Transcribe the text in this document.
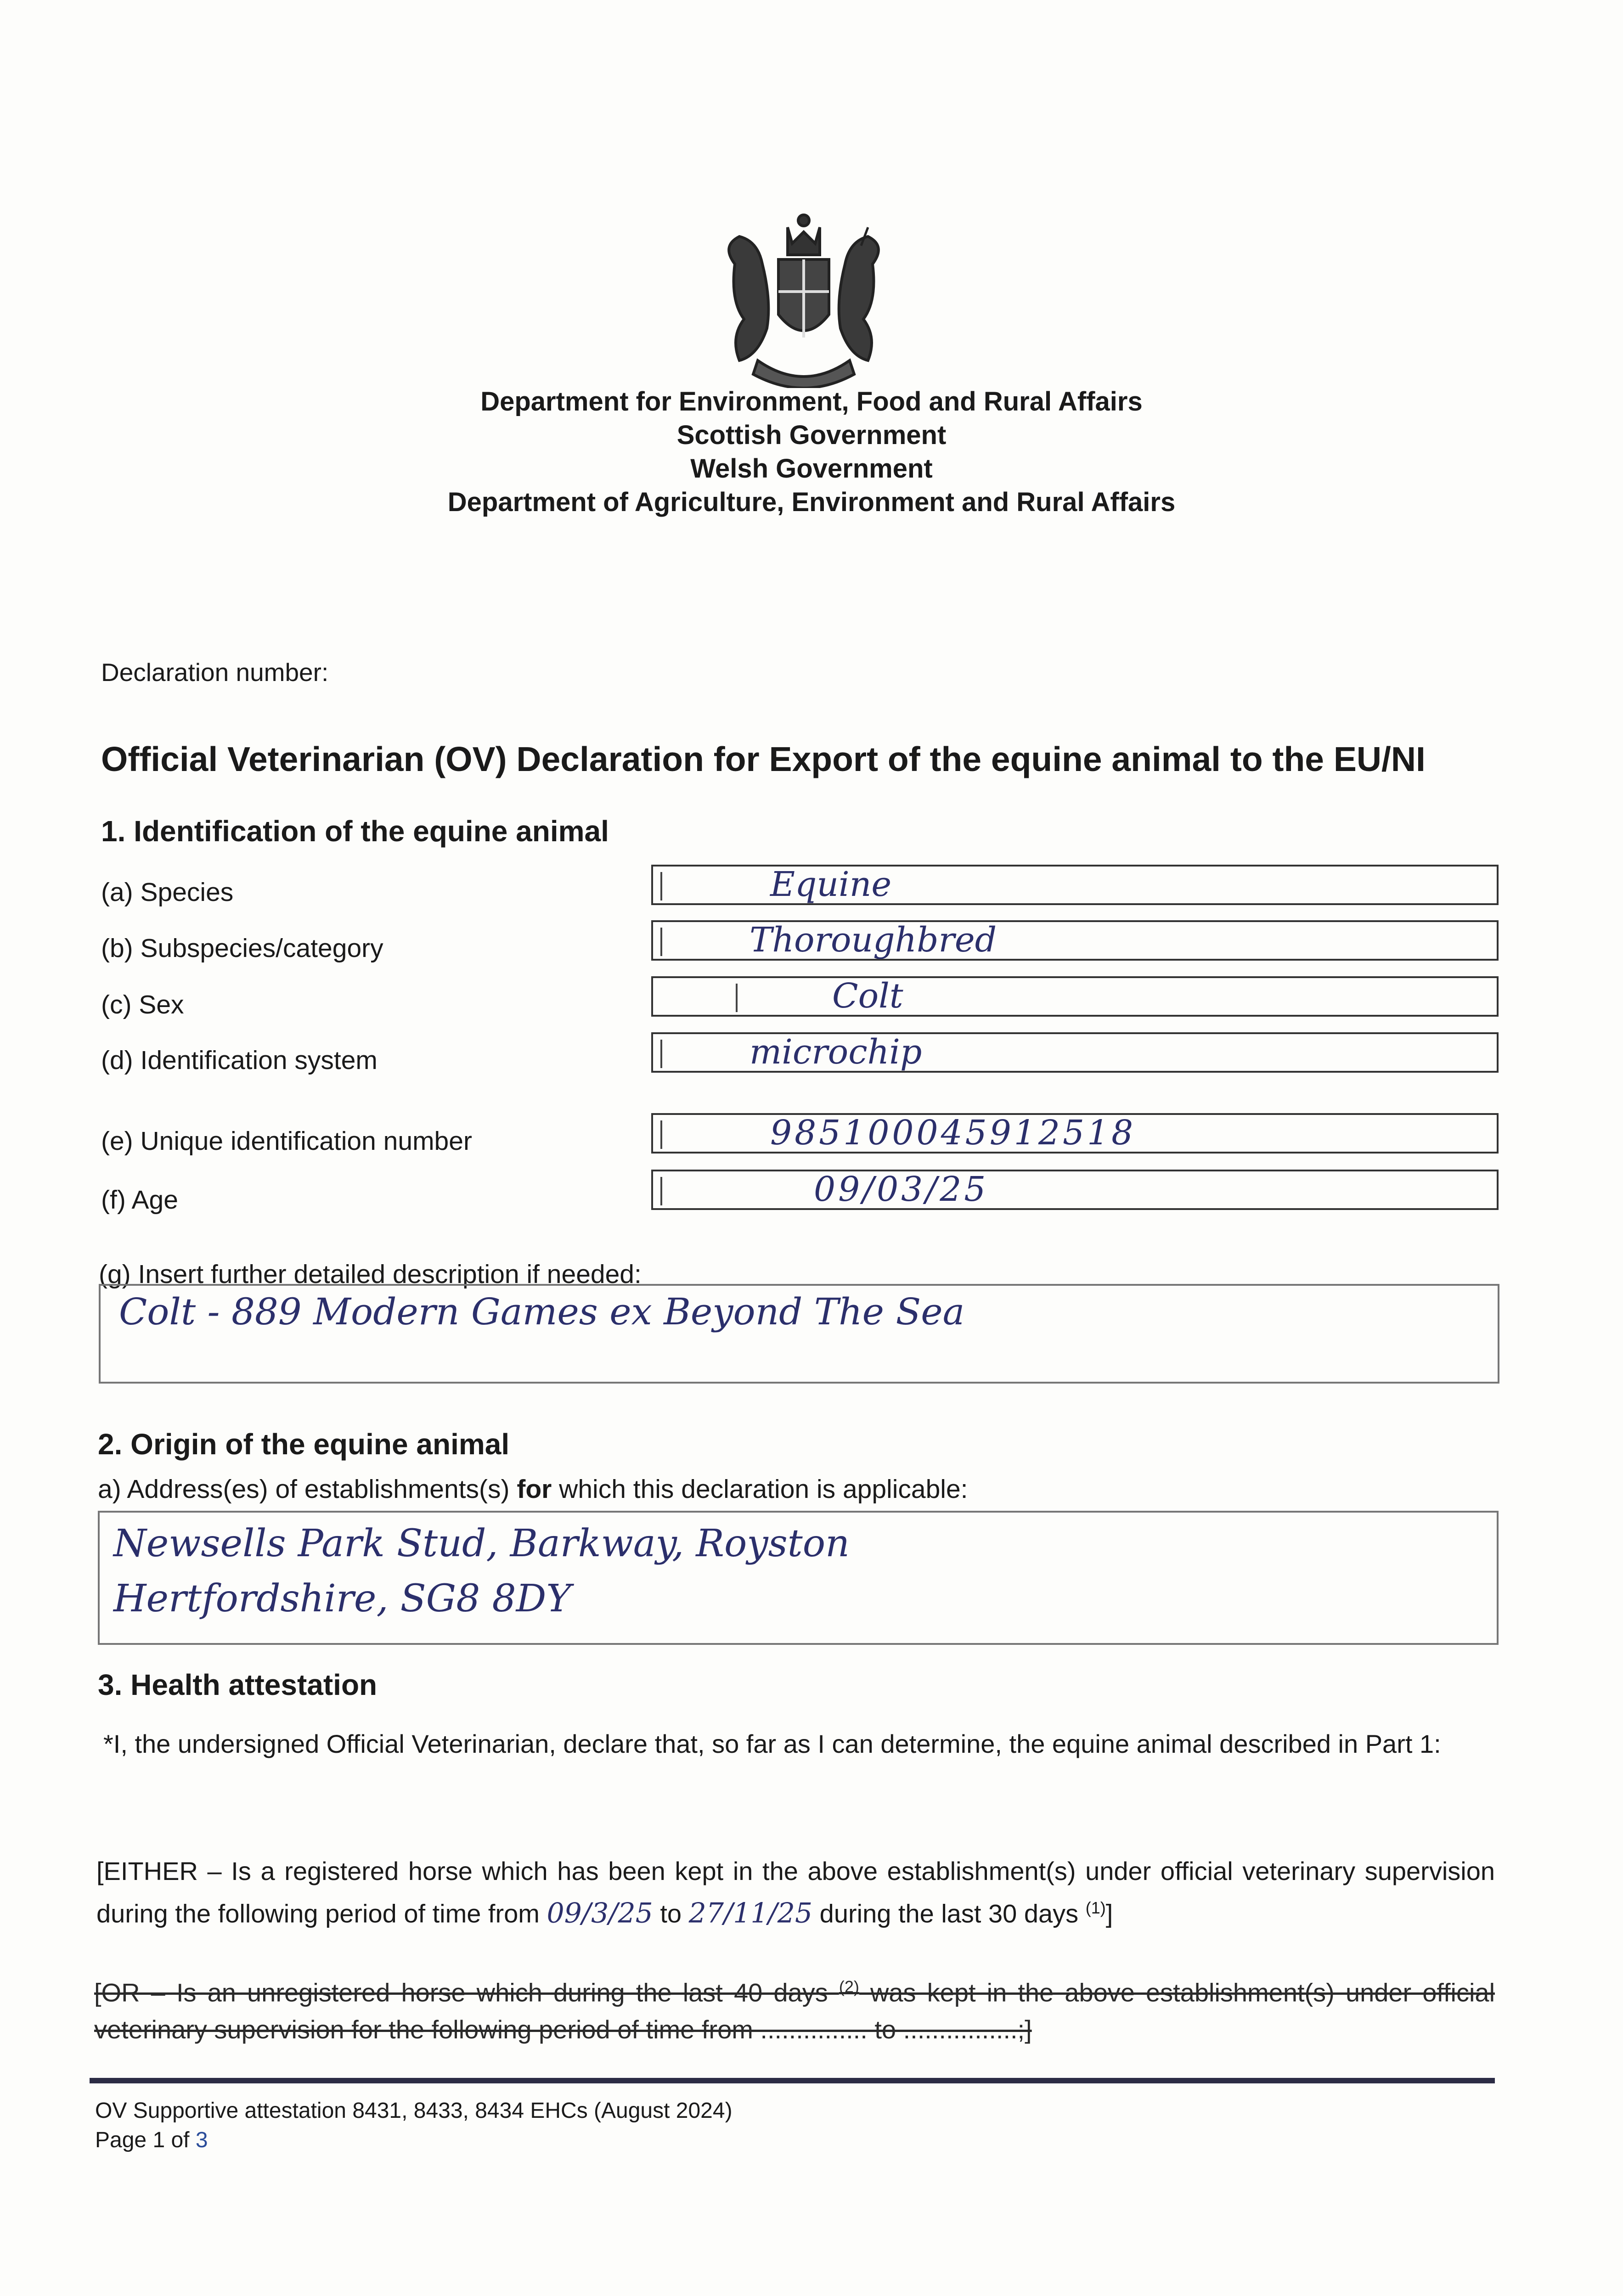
Department for Environment, Food and Rural Affairs
Scottish Government
Welsh Government
Department of Agriculture, Environment and Rural Affairs
Declaration number:
Official Veterinarian (OV) Declaration for Export of the equine animal to the EU/NI
1. Identification of the equine animal
(a) Species	Equine
(b) Subspecies/category	Thoroughbred
(c) Sex	Colt
(d) Identification system	microchip
(e) Unique identification number	985100045912518
(f) Age	09/03/25
(g) Insert further detailed description if needed:
Colt - 889 Modern Games ex Beyond The Sea
2. Origin of the equine animal
a) Address(es) of establishments(s) for which this declaration is applicable:
Newsells Park Stud, Barkway, Royston
Hertfordshire, SG8 8DY
3. Health attestation
*I, the undersigned Official Veterinarian, declare that, so far as I can determine, the equine animal described in Part 1:
[EITHER – Is a registered horse which has been kept in the above establishment(s) under official veterinary supervision during the following period of time from 09/3/25 to 27/11/25 during the last 30 days $^{(1)}$]
[OR – Is an unregistered horse which during the last 40 days $^{(2)}$ was kept in the above establishment(s) under official veterinary supervision for the following period of time from ............... to ................;]
OV Supportive attestation 8431, 8433, 8434 EHCs (August 2024)
Page 1 of 3
